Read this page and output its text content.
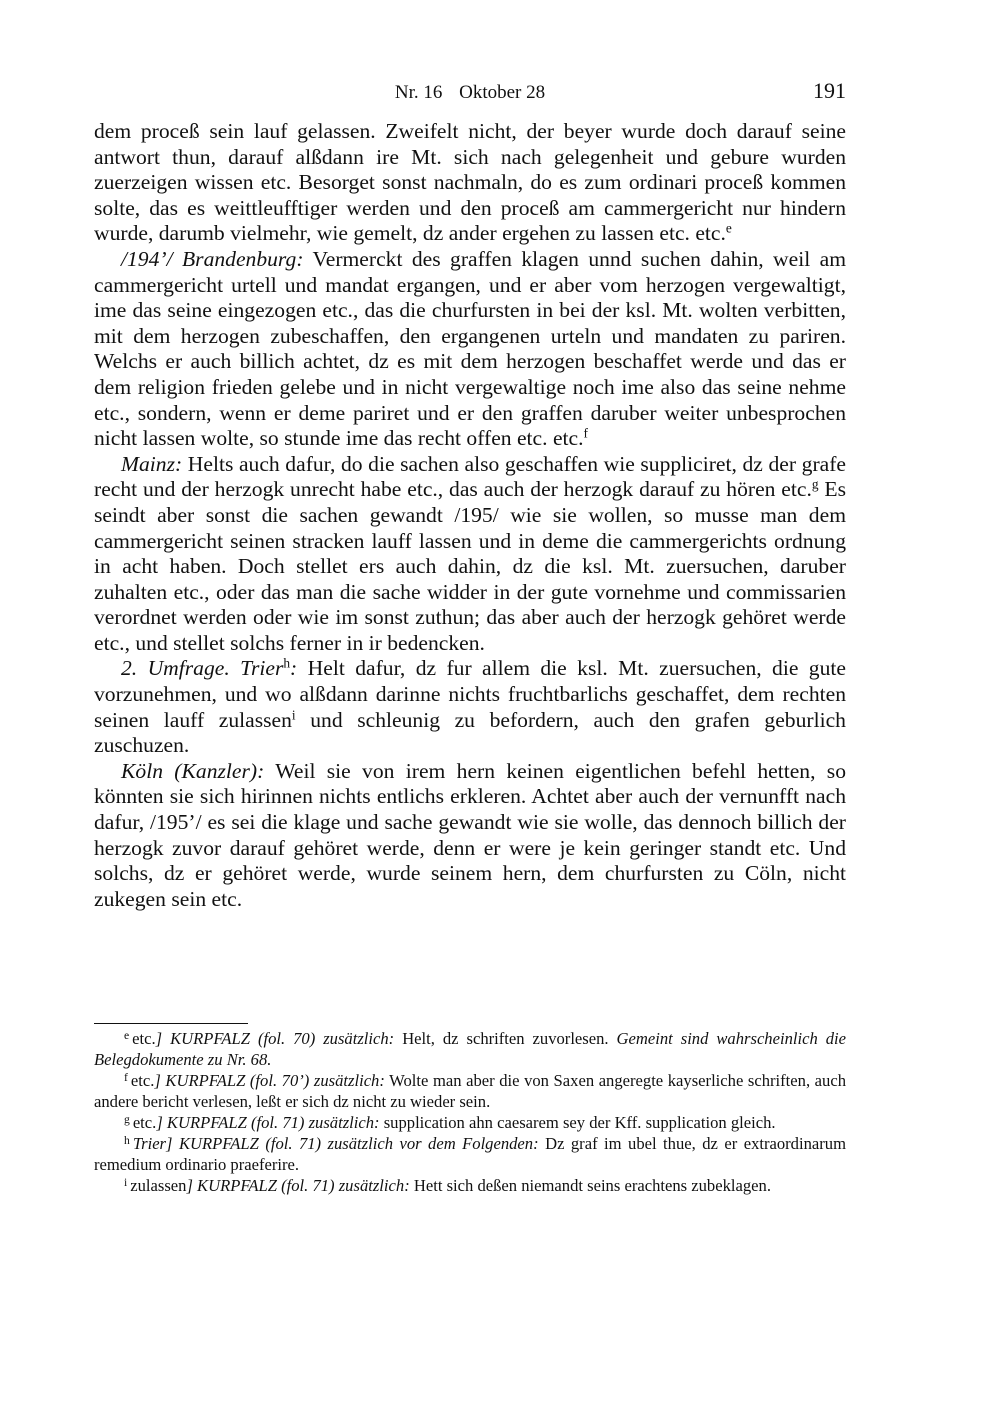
Nr. 16 Oktober 28	191

dem proceß sein lauf gelassen. Zweifelt nicht, der beyer wurde doch darauf seine antwort thun, darauf alßdann ire Mt. sich nach gelegenheit und gebure wurden zuerzeigen wissen etc. Besorget sonst nachmaln, do es zum ordinari proceß kommen solte, das es weittleufftiger werden und den proceß am cammergericht nur hindern wurde, darumb vielmehr, wie gemelt, dz ander ergehen zu lassen etc. etc.$^e$

/194’/ Brandenburg: Vermerckt des graffen klagen unnd suchen dahin, weil am cammergericht urtell und mandat ergangen, und er aber vom herzogen vergewaltigt, ime das seine eingezogen etc., das die churfursten in bei der ksl. Mt. wolten verbitten, mit dem herzogen zubeschaffen, den ergangenen urteln und mandaten zu pariren. Welchs er auch billich achtet, dz es mit dem herzogen beschaffet werde und das er dem religion frieden gelebe und in nicht vergewaltige noch ime also das seine nehme etc., sondern, wenn er deme pariret und er den graffen daruber weiter unbesprochen nicht lassen wolte, so stunde ime das recht offen etc. etc.$^f$

Mainz: Helts auch dafur, do die sachen also geschaffen wie suppliciret, dz der grafe recht und der herzogk unrecht habe etc., das auch der herzogk darauf zu hören etc.$^g$ Es seindt aber sonst die sachen gewandt /195/ wie sie wollen, so musse man dem cammergericht seinen stracken lauff lassen und in deme die cammergerichts ordnung in acht haben. Doch stellet ers auch dahin, dz die ksl. Mt. zuersuchen, daruber zuhalten etc., oder das man die sache widder in der gute vornehme und commissarien verordnet werden oder wie im sonst zuthun; das aber auch der herzogk gehöret werde etc., und stellet solchs ferner in ir bedencken.

2. Umfrage. Trier$^h$: Helt dafur, dz fur allem die ksl. Mt. zuersuchen, die gute vorzunehmen, und wo alßdann darinne nichts fruchtbarlichs geschaffet, dem rechten seinen lauff zulassen$^i$ und schleunig zu befordern, auch den grafen geburlich zuschuzen.

Köln (Kanzler): Weil sie von irem hern keinen eigentlichen befehl hetten, so könnten sie sich hirinnen nichts entlichs erkleren. Achtet aber auch der vernunfft nach dafur, /195’/ es sei die klage und sache gewandt wie sie wolle, das dennoch billich der herzogk zuvor darauf gehöret werde, denn er were je kein geringer standt etc. Und solchs, dz er gehöret werde, wurde seinem hern, dem churfursten zu Cöln, nicht zukegen sein etc.

$^e$ etc.] KURPFALZ (fol. 70) zusätzlich: Helt, dz schriften zuvorlesen. Gemeint sind wahrscheinlich die Belegdokumente zu Nr. 68.

$^f$ etc.] KURPFALZ (fol. 70’) zusätzlich: Wolte man aber die von Saxen angeregte kayserliche schriften, auch andere bericht verlesen, leßt er sich dz nicht zu wieder sein.

$^g$ etc.] KURPFALZ (fol. 71) zusätzlich: supplication ahn caesarem sey der Kff. supplication gleich.

$^h$ Trier] KURPFALZ (fol. 71) zusätzlich vor dem Folgenden: Dz graf im ubel thue, dz er extraordinarum remedium ordinario praeferire.

$^i$ zulassen] KURPFALZ (fol. 71) zusätzlich: Hett sich deßen niemandt seins erachtens zubeklagen.
